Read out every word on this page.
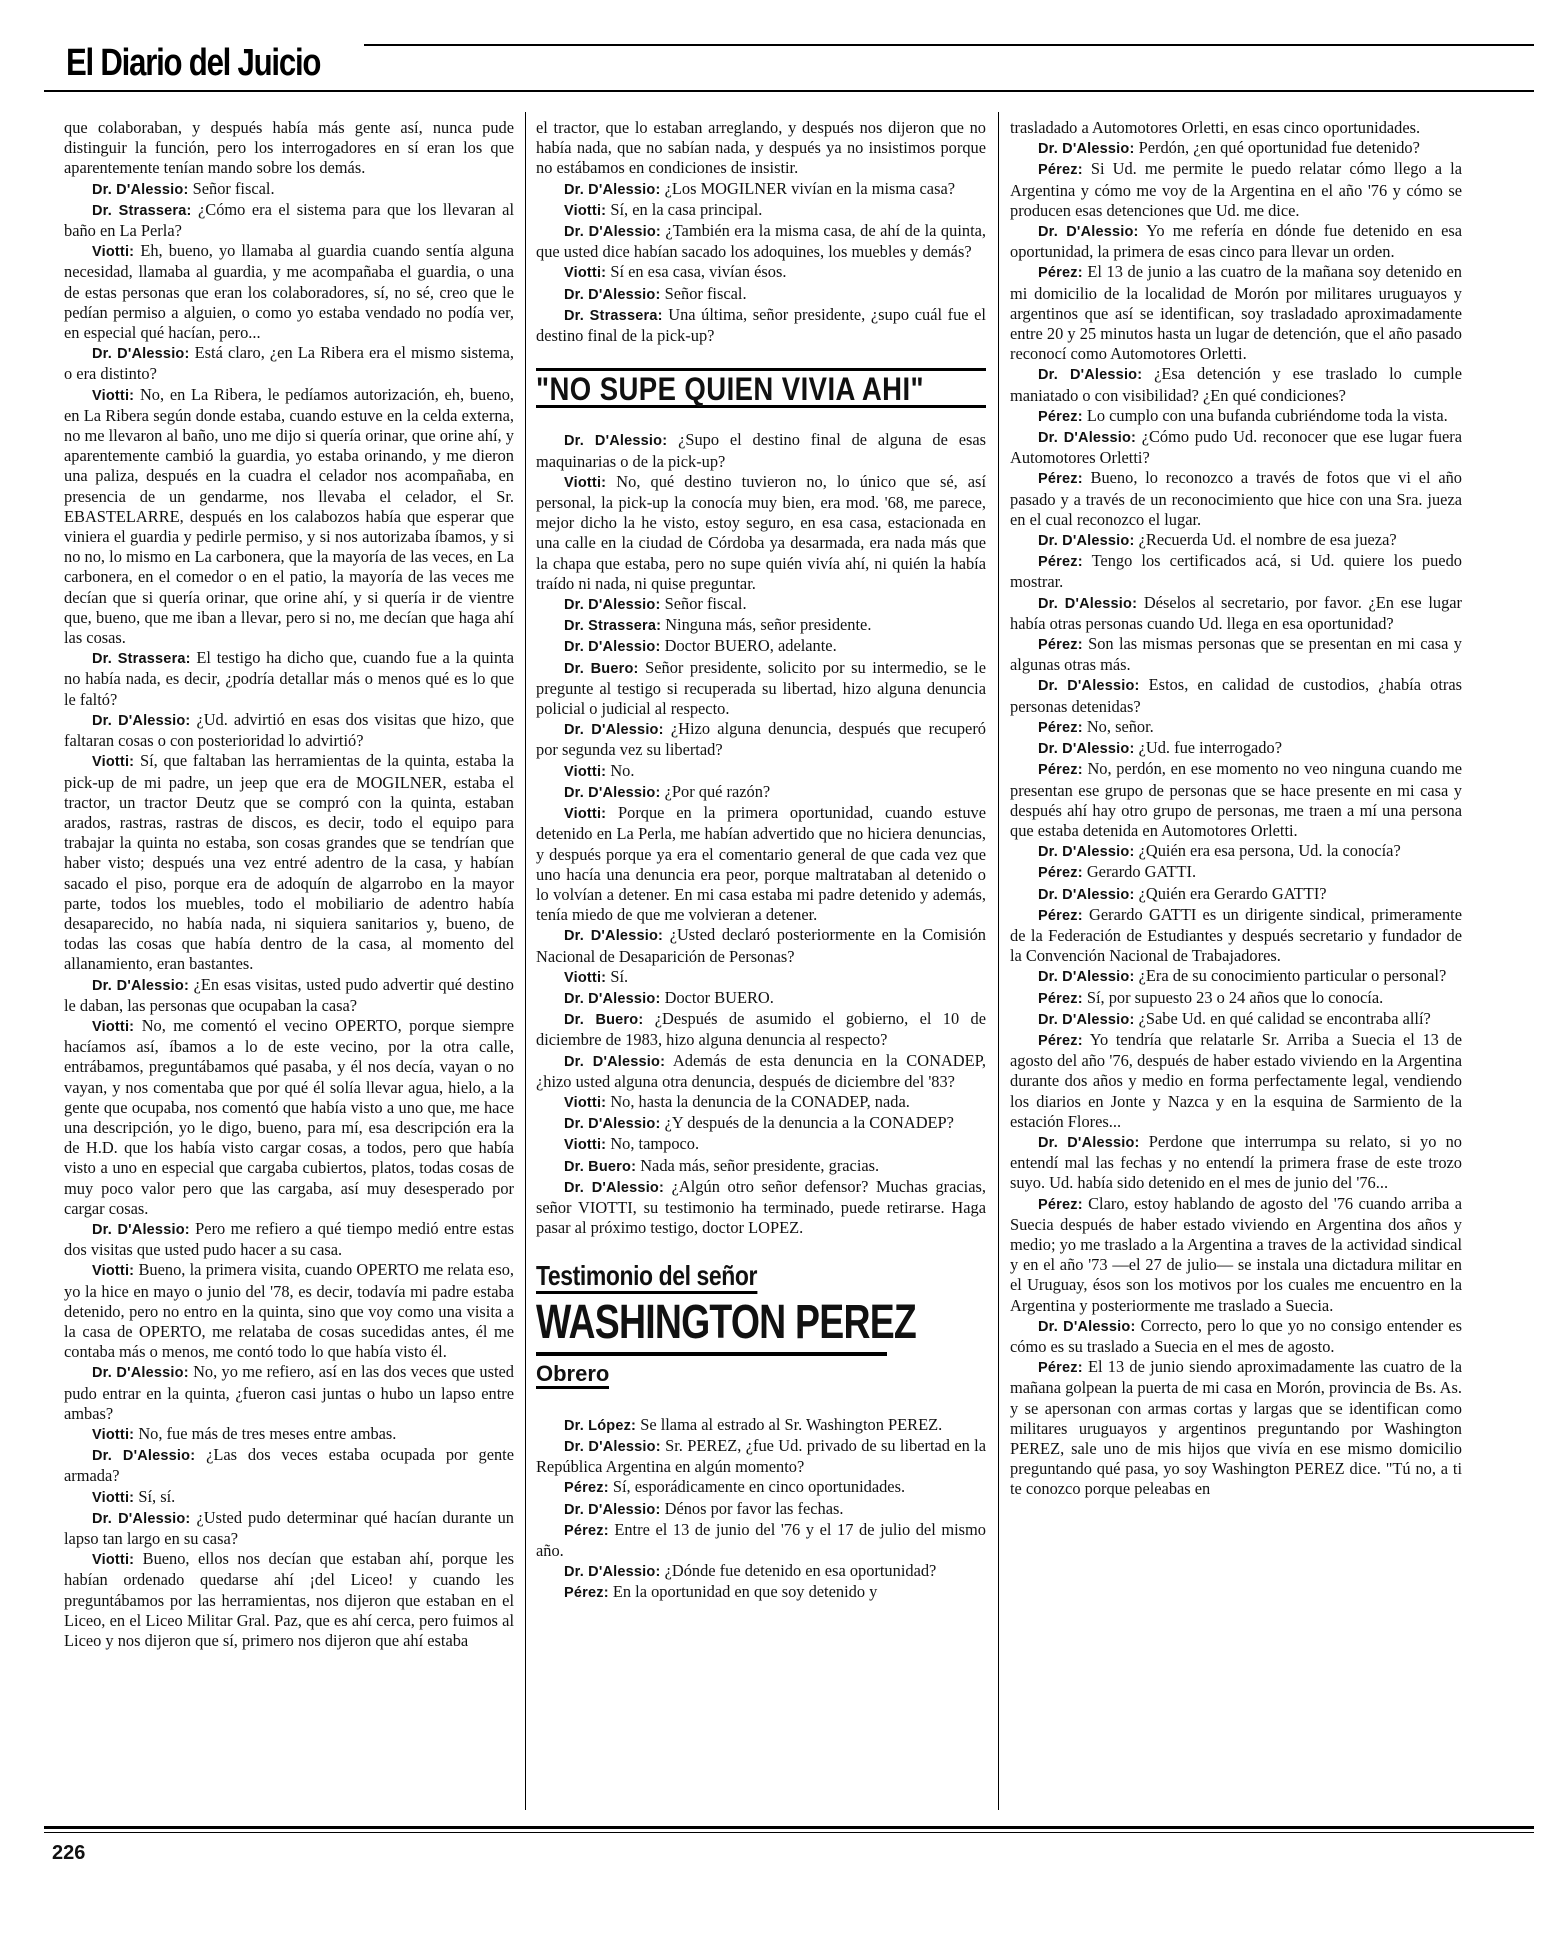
El Diario del Juicio

que colaboraban, y después había más gente así, nunca pude distinguir la función, pero los interrogadores en sí eran los que aparentemente tenían mando sobre los demás.

Dr. D'Alessio: Señor fiscal.

Dr. Strassera: ¿Cómo era el sistema para que los llevaran al baño en La Perla?

Viotti: Eh, bueno, yo llamaba al guardia cuando sentía alguna necesidad, llamaba al guardia, y me acompañaba el guardia, o una de estas personas que eran los colaboradores, sí, no sé, creo que le pedían permiso a alguien, o como yo estaba vendado no podía ver, en especial qué hacían, pero...

Dr. D'Alessio: Está claro, ¿en La Ribera era el mismo sistema, o era distinto?

Viotti: No, en La Ribera, le pedíamos autorización, eh, bueno, en La Ribera según donde estaba, cuando estuve en la celda externa, no me llevaron al baño, uno me dijo si quería orinar, que orine ahí, y aparentemente cambió la guardia, yo estaba orinando, y me dieron una paliza, después en la cuadra el celador nos acompañaba, en presencia de un gendarme, nos llevaba el celador, el Sr. EBASTELARRE, después en los calabozos había que esperar que viniera el guardia y pedirle permiso, y si nos autorizaba íbamos, y si no no, lo mismo en La carbonera, que la mayoría de las veces, en La carbonera, en el comedor o en el patio, la mayoría de las veces me decían que si quería orinar, que orine ahí, y si quería ir de vientre que, bueno, que me iban a llevar, pero si no, me decían que haga ahí las cosas.

Dr. Strassera: El testigo ha dicho que, cuando fue a la quinta no había nada, es decir, ¿podría detallar más o menos qué es lo que le faltó?

Dr. D'Alessio: ¿Ud. advirtió en esas dos visitas que hizo, que faltaran cosas o con posterioridad lo advirtió?

Viotti: Sí, que faltaban las herramientas de la quinta, estaba la pick-up de mi padre, un jeep que era de MOGILNER, estaba el tractor, un tractor Deutz que se compró con la quinta, estaban arados, rastras, rastras de discos, es decir, todo el equipo para trabajar la quinta no estaba, son cosas grandes que se tendrían que haber visto; después una vez entré adentro de la casa, y habían sacado el piso, porque era de adoquín de algarrobo en la mayor parte, todos los muebles, todo el mobiliario de adentro había desaparecido, no había nada, ni siquiera sanitarios y, bueno, de todas las cosas que había dentro de la casa, al momento del allanamiento, eran bastantes.

Dr. D'Alessio: ¿En esas visitas, usted pudo advertir qué destino le daban, las personas que ocupaban la casa?

Viotti: No, me comentó el vecino OPERTO, porque siempre hacíamos así, íbamos a lo de este vecino, por la otra calle, entrábamos, preguntábamos qué pasaba, y él nos decía, vayan o no vayan, y nos comentaba que por qué él solía llevar agua, hielo, a la gente que ocupaba, nos comentó que había visto a uno que, me hace una descripción, yo le digo, bueno, para mí, esa descripción era la de H.D. que los había visto cargar cosas, a todos, pero que había visto a uno en especial que cargaba cubiertos, platos, todas cosas de muy poco valor pero que las cargaba, así muy desesperado por cargar cosas.

Dr. D'Alessio: Pero me refiero a qué tiempo medió entre estas dos visitas que usted pudo hacer a su casa.

Viotti: Bueno, la primera visita, cuando OPERTO me relata eso, yo la hice en mayo o junio del '78, es decir, todavía mi padre estaba detenido, pero no entro en la quinta, sino que voy como una visita a la casa de OPERTO, me relataba de cosas sucedidas antes, él me contaba más o menos, me contó todo lo que había visto él.

Dr. D'Alessio: No, yo me refiero, así en las dos veces que usted pudo entrar en la quinta, ¿fueron casi juntas o hubo un lapso entre ambas?

Viotti: No, fue más de tres meses entre ambas.

Dr. D'Alessio: ¿Las dos veces estaba ocupada por gente armada?

Viotti: Sí, sí.

Dr. D'Alessio: ¿Usted pudo determinar qué hacían durante un lapso tan largo en su casa?

Viotti: Bueno, ellos nos decían que estaban ahí, porque les habían ordenado quedarse ahí ¡del Liceo! y cuando les preguntábamos por las herramientas, nos dijeron que estaban en el Liceo, en el Liceo Militar Gral. Paz, que es ahí cerca, pero fuimos al Liceo y nos dijeron que sí, primero nos dijeron que ahí estaba

el tractor, que lo estaban arreglando, y después nos dijeron que no había nada, que no sabían nada, y después ya no insistimos porque no estábamos en condiciones de insistir.

Dr. D'Alessio: ¿Los MOGILNER vivían en la misma casa?

Viotti: Sí, en la casa principal.

Dr. D'Alessio: ¿También era la misma casa, de ahí de la quinta, que usted dice habían sacado los adoquines, los muebles y demás?

Viotti: Sí en esa casa, vivían ésos.

Dr. D'Alessio: Señor fiscal.

Dr. Strassera: Una última, señor presidente, ¿supo cuál fue el destino final de la pick-up?

"NO SUPE QUIEN VIVIA AHI"

Dr. D'Alessio: ¿Supo el destino final de alguna de esas maquinarias o de la pick-up?

Viotti: No, qué destino tuvieron no, lo único que sé, así personal, la pick-up la conocía muy bien, era mod. '68, me parece, mejor dicho la he visto, estoy seguro, en esa casa, estacionada en una calle en la ciudad de Córdoba ya desarmada, era nada más que la chapa que estaba, pero no supe quién vivía ahí, ni quién la había traído ni nada, ni quise preguntar.

Dr. D'Alessio: Señor fiscal.

Dr. Strassera: Ninguna más, señor presidente.

Dr. D'Alessio: Doctor BUERO, adelante.

Dr. Buero: Señor presidente, solicito por su intermedio, se le pregunte al testigo si recuperada su libertad, hizo alguna denuncia policial o judicial al respecto.

Dr. D'Alessio: ¿Hizo alguna denuncia, después que recuperó por segunda vez su libertad?

Viotti: No.

Dr. D'Alessio: ¿Por qué razón?

Viotti: Porque en la primera oportunidad, cuando estuve detenido en La Perla, me habían advertido que no hiciera denuncias, y después porque ya era el comentario general de que cada vez que uno hacía una denuncia era peor, porque maltrataban al detenido o lo volvían a detener. En mi casa estaba mi padre detenido y además, tenía miedo de que me volvieran a detener.

Dr. D'Alessio: ¿Usted declaró posteriormente en la Comisión Nacional de Desaparición de Personas?

Viotti: Sí.

Dr. D'Alessio: Doctor BUERO.

Dr. Buero: ¿Después de asumido el gobierno, el 10 de diciembre de 1983, hizo alguna denuncia al respecto?

Dr. D'Alessio: Además de esta denuncia en la CONADEP, ¿hizo usted alguna otra denuncia, después de diciembre del '83?

Viotti: No, hasta la denuncia de la CONADEP, nada.

Dr. D'Alessio: ¿Y después de la denuncia a la CONADEP?

Viotti: No, tampoco.

Dr. Buero: Nada más, señor presidente, gracias.

Dr. D'Alessio: ¿Algún otro señor defensor? Muchas gracias, señor VIOTTI, su testimonio ha terminado, puede retirarse. Haga pasar al próximo testigo, doctor LOPEZ.

Testimonio del señor
WASHINGTON PEREZ
Obrero

Dr. López: Se llama al estrado al Sr. Washington PEREZ.

Dr. D'Alessio: Sr. PEREZ, ¿fue Ud. privado de su libertad en la República Argentina en algún momento?

Pérez: Sí, esporádicamente en cinco oportunidades.

Dr. D'Alessio: Dénos por favor las fechas.

Pérez: Entre el 13 de junio del '76 y el 17 de julio del mismo año.

Dr. D'Alessio: ¿Dónde fue detenido en esa oportunidad?

Pérez: En la oportunidad en que soy detenido y

trasladado a Automotores Orletti, en esas cinco oportunidades.

Dr. D'Alessio: Perdón, ¿en qué oportunidad fue detenido?

Pérez: Si Ud. me permite le puedo relatar cómo llego a la Argentina y cómo me voy de la Argentina en el año '76 y cómo se producen esas detenciones que Ud. me dice.

Dr. D'Alessio: Yo me refería en dónde fue detenido en esa oportunidad, la primera de esas cinco para llevar un orden.

Pérez: El 13 de junio a las cuatro de la mañana soy detenido en mi domicilio de la localidad de Morón por militares uruguayos y argentinos que así se identifican, soy trasladado aproximadamente entre 20 y 25 minutos hasta un lugar de detención, que el año pasado reconocí como Automotores Orletti.

Dr. D'Alessio: ¿Esa detención y ese traslado lo cumple maniatado o con visibilidad? ¿En qué condiciones?

Pérez: Lo cumplo con una bufanda cubriéndome toda la vista.

Dr. D'Alessio: ¿Cómo pudo Ud. reconocer que ese lugar fuera Automotores Orletti?

Pérez: Bueno, lo reconozco a través de fotos que vi el año pasado y a través de un reconocimiento que hice con una Sra. jueza en el cual reconozco el lugar.

Dr. D'Alessio: ¿Recuerda Ud. el nombre de esa jueza?

Pérez: Tengo los certificados acá, si Ud. quiere los puedo mostrar.

Dr. D'Alessio: Déselos al secretario, por favor. ¿En ese lugar había otras personas cuando Ud. llega en esa oportunidad?

Pérez: Son las mismas personas que se presentan en mi casa y algunas otras más.

Dr. D'Alessio: Estos, en calidad de custodios, ¿había otras personas detenidas?

Pérez: No, señor.

Dr. D'Alessio: ¿Ud. fue interrogado?

Pérez: No, perdón, en ese momento no veo ninguna cuando me presentan ese grupo de personas que se hace presente en mi casa y después ahí hay otro grupo de personas, me traen a mí una persona que estaba detenida en Automotores Orletti.

Dr. D'Alessio: ¿Quién era esa persona, Ud. la conocía?

Pérez: Gerardo GATTI.

Dr. D'Alessio: ¿Quién era Gerardo GATTI?

Pérez: Gerardo GATTI es un dirigente sindical, primeramente de la Federación de Estudiantes y después secretario y fundador de la Convención Nacional de Trabajadores.

Dr. D'Alessio: ¿Era de su conocimiento particular o personal?

Pérez: Sí, por supuesto 23 o 24 años que lo conocía.

Dr. D'Alessio: ¿Sabe Ud. en qué calidad se encontraba allí?

Pérez: Yo tendría que relatarle Sr. Arriba a Suecia el 13 de agosto del año '76, después de haber estado viviendo en la Argentina durante dos años y medio en forma perfectamente legal, vendiendo los diarios en Jonte y Nazca y en la esquina de Sarmiento de la estación Flores...

Dr. D'Alessio: Perdone que interrumpa su relato, si yo no entendí mal las fechas y no entendí la primera frase de este trozo suyo. Ud. había sido detenido en el mes de junio del '76...

Pérez: Claro, estoy hablando de agosto del '76 cuando arriba a Suecia después de haber estado viviendo en Argentina dos años y medio; yo me traslado a la Argentina a traves de la actividad sindical y en el año '73 —el 27 de julio— se instala una dictadura militar en el Uruguay, ésos son los motivos por los cuales me encuentro en la Argentina y posteriormente me traslado a Suecia.

Dr. D'Alessio: Correcto, pero lo que yo no consigo entender es cómo es su traslado a Suecia en el mes de agosto.

Pérez: El 13 de junio siendo aproximadamente las cuatro de la mañana golpean la puerta de mi casa en Morón, provincia de Bs. As. y se apersonan con armas cortas y largas que se identifican como militares uruguayos y argentinos preguntando por Washington PEREZ, sale uno de mis hijos que vivía en ese mismo domicilio preguntando qué pasa, yo soy Washington PEREZ dice. "Tú no, a ti te conozco porque peleabas en

226
